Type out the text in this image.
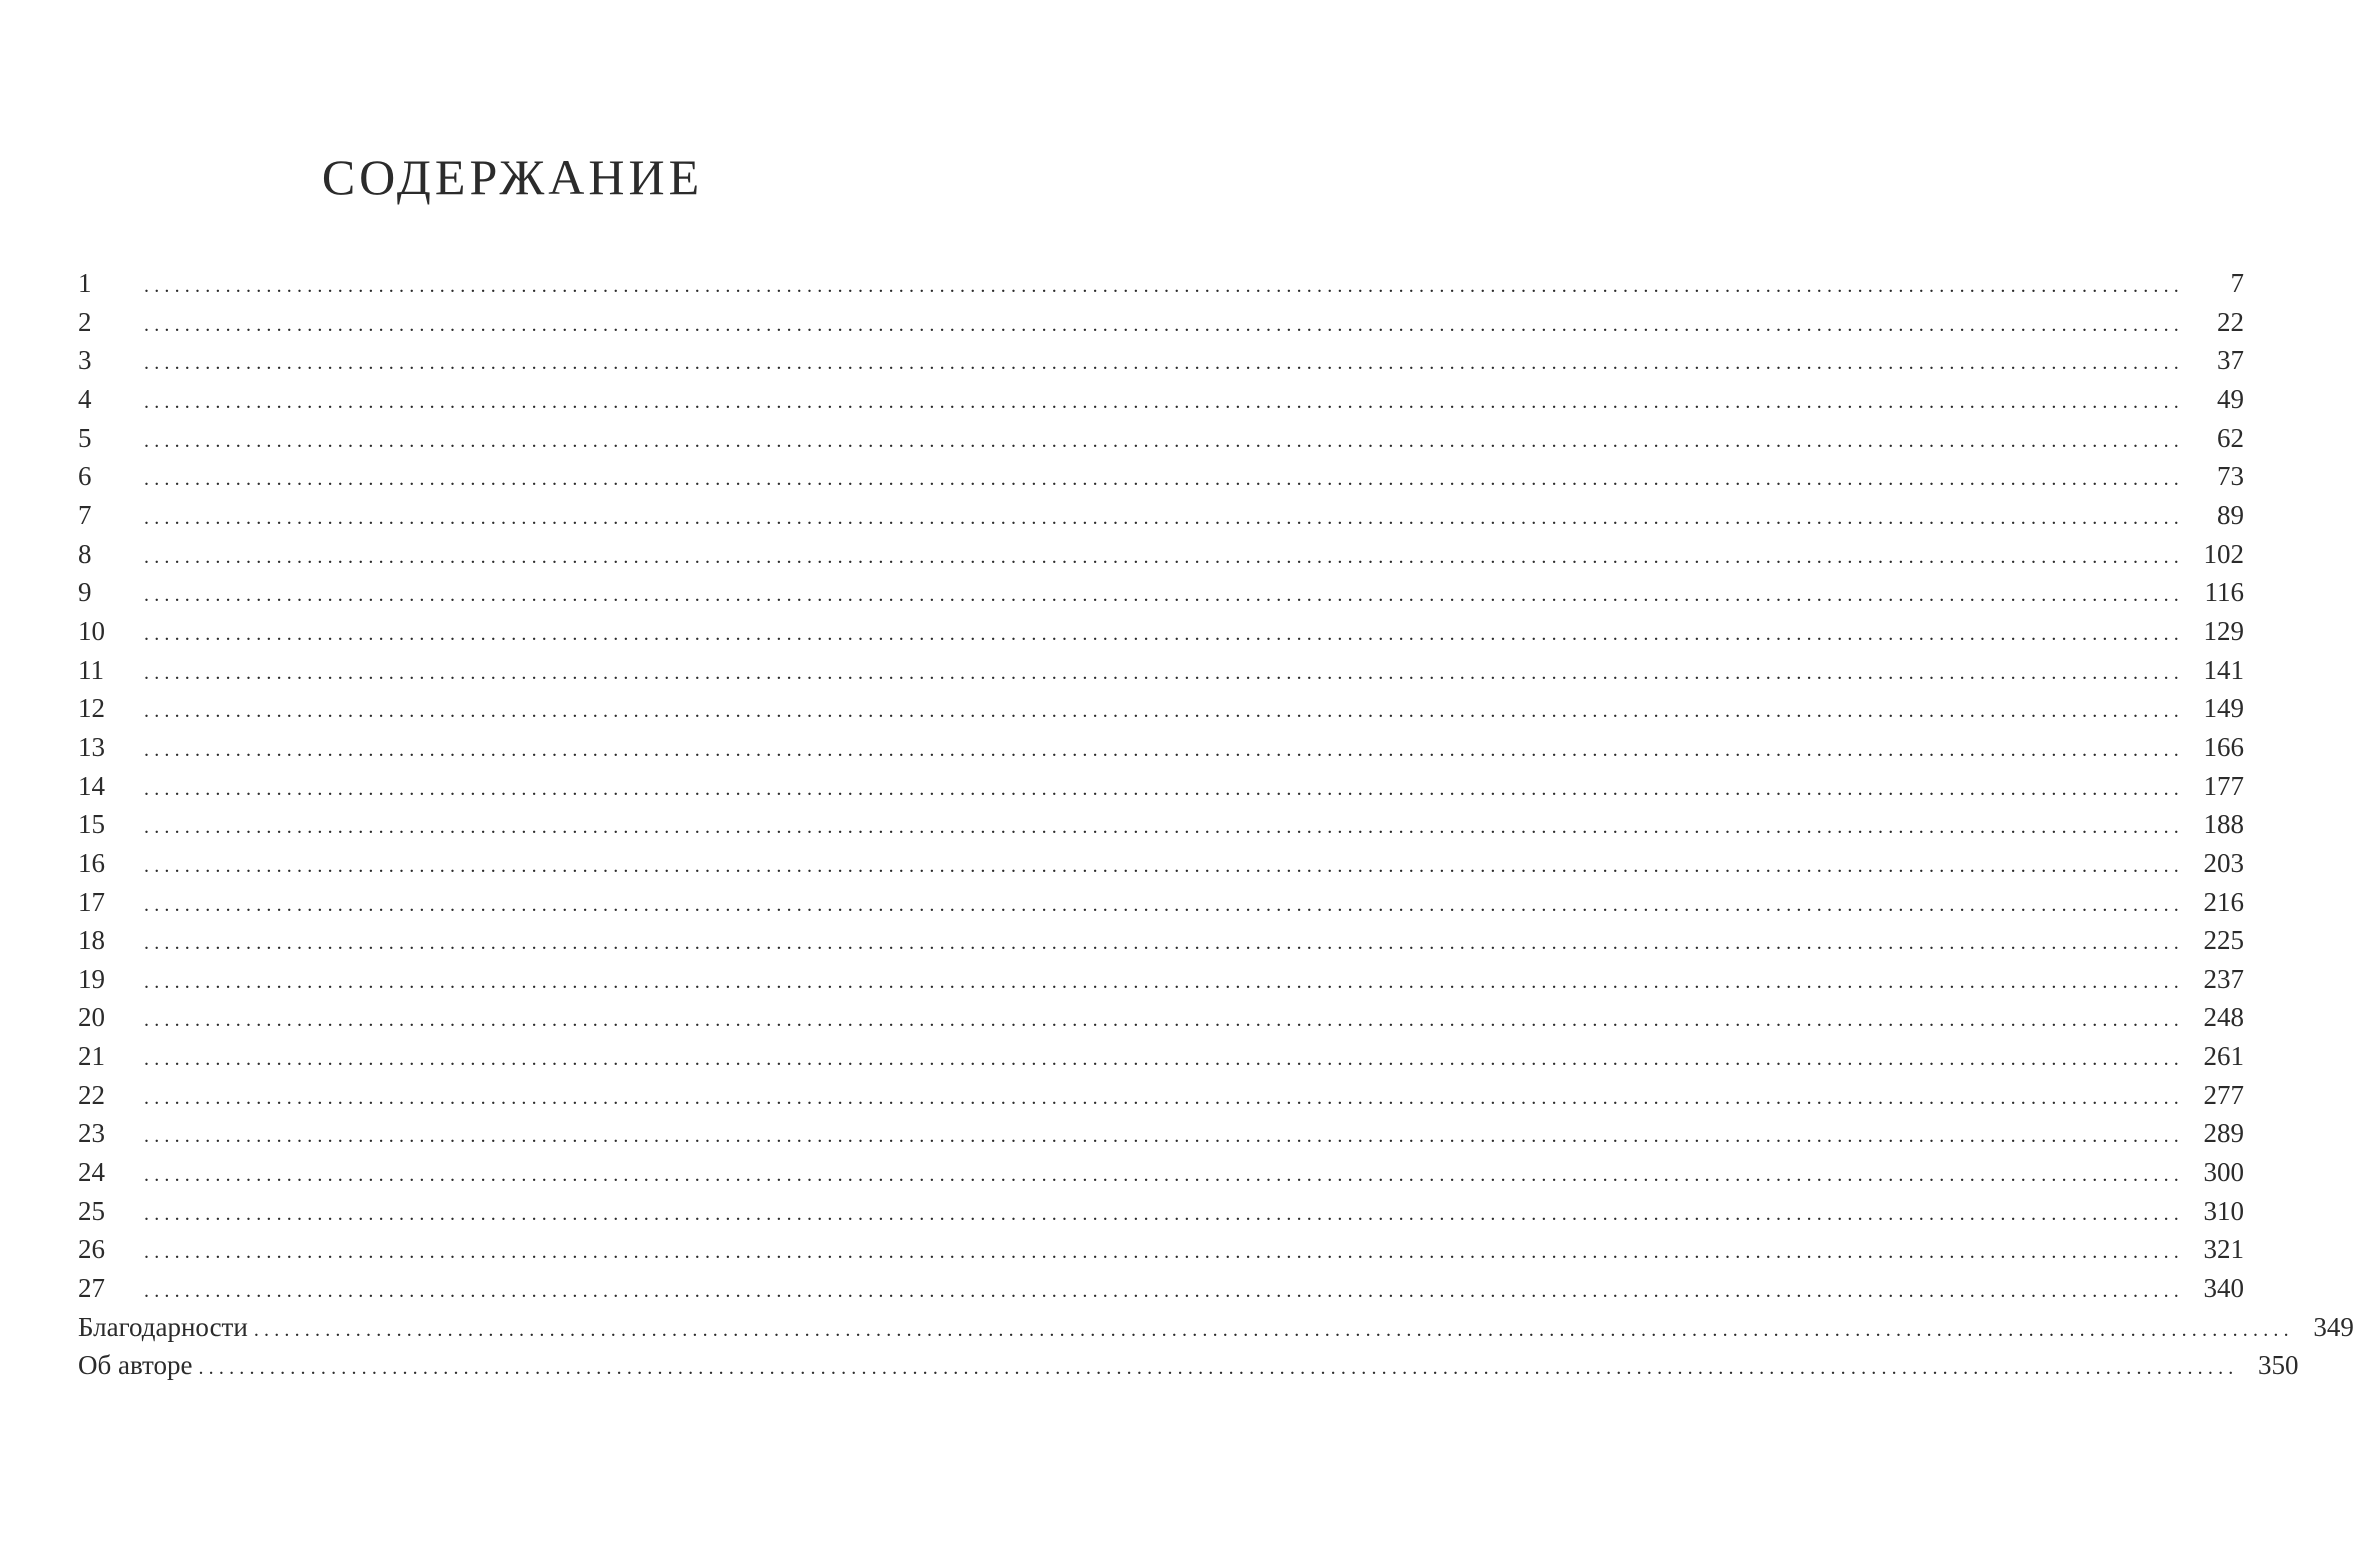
СОДЕРЖАНИЕ
1	........................................................................................................................................................................................................	7
2	........................................................................................................................................................................................................	22
3	........................................................................................................................................................................................................	37
4	........................................................................................................................................................................................................	49
5	........................................................................................................................................................................................................	62
6	........................................................................................................................................................................................................	73
7	........................................................................................................................................................................................................	89
8	........................................................................................................................................................................................................ 102
9	........................................................................................................................................................................................................ 116
10	........................................................................................................................................................................................................ 129
11	........................................................................................................................................................................................................ 141
12	........................................................................................................................................................................................................ 149
13	........................................................................................................................................................................................................ 166
14	........................................................................................................................................................................................................ 177
15	........................................................................................................................................................................................................ 188
16	........................................................................................................................................................................................................ 203
17	........................................................................................................................................................................................................ 216
18	........................................................................................................................................................................................................ 225
19	........................................................................................................................................................................................................ 237
20	........................................................................................................................................................................................................ 248
21	........................................................................................................................................................................................................ 261
22	........................................................................................................................................................................................................ 277
23	........................................................................................................................................................................................................ 289
24	........................................................................................................................................................................................................ 300
25	........................................................................................................................................................................................................ 310
26	........................................................................................................................................................................................................ 321
27	........................................................................................................................................................................................................ 340
Благодарности ........................................................................................................................................................................................................ 349
Об авторе ........................................................................................................................................................................................................ 350
